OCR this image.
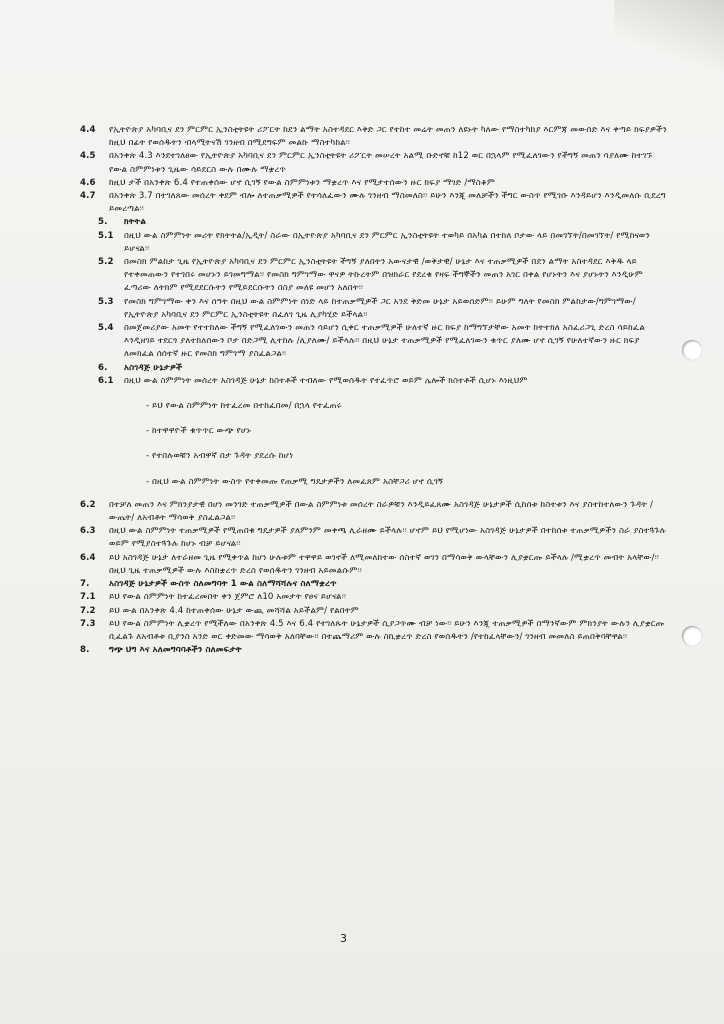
4.4 የኢትዮጵያ አካባቢና ደን ምርምር ኢንስቲትዩት ሪፖርት ከደን ልማት አስተዳደር እቅድ ጋር የተከተ መሬት መጠን ለዩኑት ካለው የማስተካከያ እርምጃ መውሰድ እና ቀጣይ ክፍያዎችን ከዚህ በፊት የወሰዱትን ብላሚትናሽ ገንዘብ በሚደግፍም መልኩ ማስተካከል፡፡
4.5 በአንቀጽ 4.3 እንደተገለፀው የኢትዮጵያ አካባቢና ደን ምርምር ኢንስቲትዩት ሪፖርት መሠረት አልሚ ቡድኖቹ ከ12 ወር በኋላም የሚፈለገውን የችግኝ መጠን ሳያለሙ ከተገኙ የውል ስምምነቱን ጊዜው ሳይደርስ ውሉ በሙሉ ማቋረጥ
4.6 ከዚህ ታች በአንቀጽ 6.4 የተጠቀሰው ሆኖ ሲገኝ የውል ስምምነቱን ማቋረጥ እና የሚታተሰውን ዙር ክፍያ ማገድ /ማስቆም
4.7 በአንቀጽ 3.7 በተገለጸው መሰረት ቀደም ብሎ ለተጠቃሚዎች የተሳለፈውን ሙሉ ገንዘብ ማስመለስ፡፡ ይሁን እንጂ መለቻችን ችግር ውስጥ የሚገቡ እንዳይሆን እንዲመለሱ ቢደረግ ይመረጣል፡፡
5. ክትትል
5.1 በዚህ ውል ስምምነት መሪት የክትትል/ኢዲት/ ስራው በኢትዮጵያ አካባቢና ደን ምርምር ኢንስቲትዩት ተወካይ በአካል በተከለ ቦታው ላይ በመገኘት/በመገኘት/ የሚከናወን ይሆናል፡፡
5.2 በመስክ ምልከታ ጊዜ የኢትዮጵያ አካባቢና ደን ምርምር ኢንስቲትዩት ችግኝ ያለበትን አውናታዊ /ወቅታዊ/ ሁኔታ እና ተጠቃሚዎች በደን ልማት አስተዳደር እቅዱ ላይ የተቀመጠውን የተገበሩ መሆኑን ይገመግማል፡፡ የመስክ ግምገማው ዋናዎ ትኩረትም በዝክራር የደረቁ የዛፍ ችግኞችን መጠን አገር በቀል የሆኑትን እና ያሆኑትን እንዲሁም ፈጣሪው ለትክም የሚደደርሱትን የሚይደርሱትን በስያ መለዩ መሆን አለበት፡፡
5.3 የመስክ ግምገማው ቀን እና ሰዓት በዚህ ውል ስምምነት ሰነድ ላይ ከተጠቃሚዎች ጋር አንደ ቅድመ ሁኔታ አይወሰድም፡፡ ይሁም ግለት የመስክ ምልከታው/ግምገማው/ የኢትዮጵያ አካባቢና ደን ምርምር ኢንስቲትዩት በፈለገ ጊዜ ሊያካሂድ ይችላል፡፡
5.4 በመጀመሪያው አመት የተተከለው ችግኝ የሚፈለገውን መጠን ሳይሆን ሲቀር ተጠቃሚዎች ሁለተኛ ዙር ክፍያ ከማግኘታቸው አመት ከትተክለ አስፈሪጋጊ ድረስ ሳይከፈል እንዲዘገይ ተደርጎ ያለተከለሰውን ቦታ በድጋሚ ሊተከሉ /ሊያለሙ/ ይችላሉ፡፡ በዚህ ሁኔታ ተጠቃሚዎች የሚፈለገውን ቁጥር ያለሙ ሆኖ ሲገኝ የሁለተኛውን ዙር ክፍያ ለመክፈል ሰሰተኛ ዙር የመስክ ግምገማ ያስፈልጋል፡፡
6. አስገዳጅ ሁኔታዎች
6.1 በዚህ ውል ስምምነት መሰረት አስገዳጅ ሁኔታ ከስተቶች ተብለው የሚወሰዱት የተፈጥሮ ወይም ሌሎች ክስተቶች ሲሆኑ እነዚህም
- ይህ የውል ስምምነት ከተፈረመ በተከፈበመ/ በኋላ የተፈጠሩ
- ከተዋዋዮች ቁጥጥር ውጭ የሆኑ
- የተበሉወቹን አብዋኛ በታ ጉዳት ያደረሱ ከሆነ
- በዚህ ውል ስምምነት ውስጥ የተቀመጡ የጠቃሚ ግዴታዎችን ለመፈጸም አስቸጋሪ ሆኖ ሲገኝ
6.2 በተቻለ መጠን እና ምክንያታዊ በሆነ መንገድ ተጠቃሚዎች በውል ስምምነቱ መሰረት ስራዎቹን እንዲይፈጸሙ አስገዳጅ ሁኔታዎች ሲከሰቱ ከስተቱን እና ያስተከተለውን ጉዳት /ውጤት/ ለአብቶት ማሳወቅ ያስፈልጋል፡፡
6.3 በዚህ ውል ስምምነት ተጠቃሚዎች የሚጠበቁ ግዴታዎች ያለምንም መቀጫ ሊራዘሙ ይችላሉ፡፡ ሆኖም ይህ የሚሆነው አስገዳጅ ሁኔታዎች በተከሰቱ ተጠቃሚዎችን ስራ ያስተጓጉሉ ወይም የሚያስተጓጉሉ ከሆኑ ብቻ ይሆናል፡፡
6.4 ይህ አስገዳጅ ሁኔታ ለተራዘመ ጊዜ የሚቀጥል ከሆነ ሁሉቱም ተዋዋይ ወገኖች ለሚመለከተው ሰስተኛ ወገን በማሳወቅ ውላቸውን ሊያቋርጡ ይችላሉ /ሚቋረጥ መብት አላቸው/፡፡ በዚህ ጊዜ ተጠቃሚዎች ውሉ እስከቋረጥ ድረስ የወሰዱትን ገንዘብ አይመልሱም፡፡
7. አስገዳጅ ሁኔታዎች ውስጥ ስለመግባት 1 ውል ስለማሻሻሉና ስለማቋረጥ
7.1 ይህ የውል ስምምነት ከተፈረመበት ቀን ጀምሮ ለ10 አመታት የፀና ይሆናል፡፡
7.2 ይህ ውል በአንቀጽ 4.4 ከተጠቀሰው ሁኔታ ውጪ መሻሻል አይችልም/ የልበትም
7.3 ይህ የውል ስምምነት ሊቋረጥ የሚችለው በአንቀጽ 4.5 እና 6.4 የተገለጹት ሁኔታዎች ሲያጋጥሙ ብቻ ነው፡፡ ይሁን እንጂ ተጠቃሚዎች በማንኛውም ምክንያት ውሉን ሊያቋርጡ ቢፈልጉ ለአብቶቱ ቢያንስ አንድ ወር ቀድመው ማሳወቅ አለባቸው፡፡ በተጨማሪም ውሉ ስኪቋረጥ ድረስ የወሰዱትን /የተከፈላቸውን/ ገንዘብ መመለስ ይጠበቅባቸዋል፡፡
8. ግጭ ህግ እና አለመግባባቶችን ስለመፍታት
3
